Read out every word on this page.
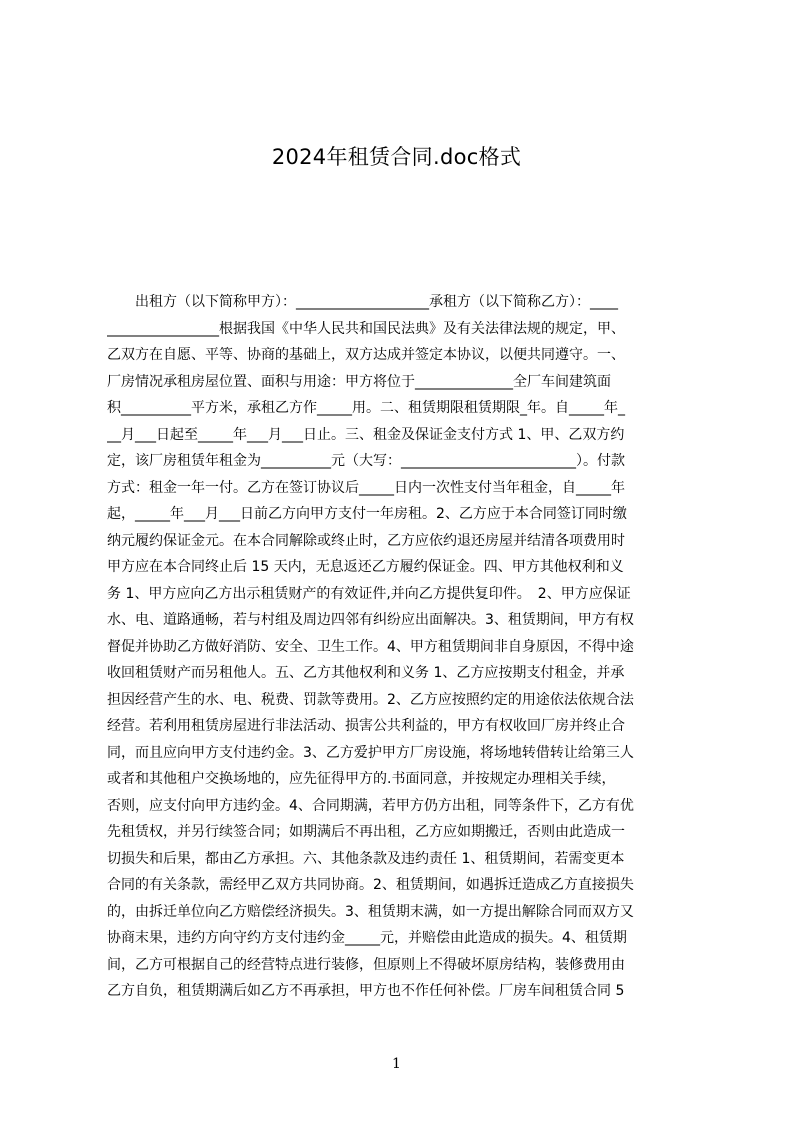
2024年租赁合同.doc格式
出租方（以下简称甲方）：___________________承租方（以下简称乙方）：____
________________根据我国《中华人民共和国民法典》及有关法律法规的规定，甲、
乙双方在自愿、平等、协商的基础上，双方达成并签定本协议，以便共同遵守。一、
厂房情况承租房屋位置、面积与用途：甲方将位于______________全厂车间建筑面
积__________平方米，承租乙方作_____用。二、租赁期限租赁期限_年。自_____年_
__月___日起至_____年___月___日止。三、租金及保证金支付方式 1、甲、乙双方约
定，该厂房租赁年租金为__________元（大写：_________________________）。付款
方式：租金一年一付。乙方在签订协议后_____日内一次性支付当年租金，自_____年
起，_____年___月___日前乙方向甲方支付一年房租。2、乙方应于本合同签订同时缴
纳元履约保证金元。在本合同解除或终止时，乙方应依约退还房屋并结清各项费用时
甲方应在本合同终止后 15 天内，无息返还乙方履约保证金。四、甲方其他权利和义
务 1、甲方应向乙方出示租赁财产的有效证件,并向乙方提供复印件。　2、甲方应保证
水、电、道路通畅，若与村组及周边四邻有纠纷应出面解决。3、租赁期间，甲方有权
督促并协助乙方做好消防、安全、卫生工作。4、甲方租赁期间非自身原因，不得中途
收回租赁财产而另租他人。五、乙方其他权利和义务 1、乙方应按期支付租金，并承
担因经营产生的水、电、税费、罚款等费用。2、乙方应按照约定的用途依法依规合法
经营。若利用租赁房屋进行非法活动、损害公共利益的，甲方有权收回厂房并终止合
同，而且应向甲方支付违约金。3、乙方爱护甲方厂房设施，将场地转借转让给第三人
或者和其他租户交换场地的，应先征得甲方的.书面同意，并按规定办理相关手续，
否则，应支付向甲方违约金。4、合同期满，若甲方仍方出租，同等条件下，乙方有优
先租赁权，并另行续签合同；如期满后不再出租，乙方应如期搬迁，否则由此造成一
切损失和后果，都由乙方承担。六、其他条款及违约责任 1、租赁期间，若需变更本
合同的有关条款，需经甲乙双方共同协商。2、租赁期间，如遇拆迁造成乙方直接损失
的，由拆迁单位向乙方赔偿经济损失。3、租赁期末满，如一方提出解除合同而双方又
协商末果，违约方向守约方支付违约金_____元，并赔偿由此造成的损失。4、租赁期
间，乙方可根据自己的经营特点进行装修，但原则上不得破坏原房结构，装修费用由
乙方自负，租赁期满后如乙方不再承担，甲方也不作任何补偿。厂房车间租赁合同 5
1
